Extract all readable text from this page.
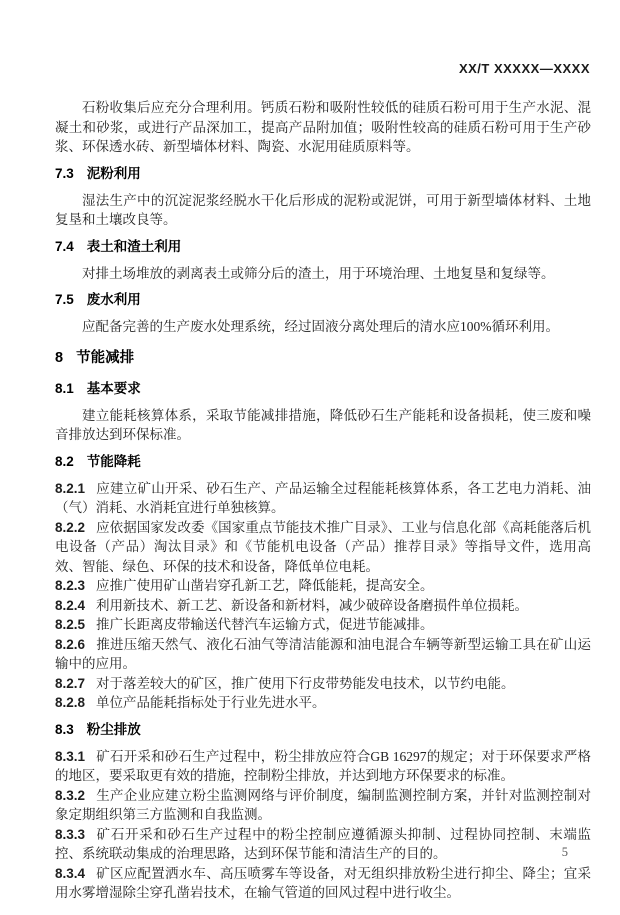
XX/T XXXXX—XXXX

石粉收集后应充分合理利用。钙质石粉和吸附性较低的硅质石粉可用于生产水泥、混凝土和砂浆，或进行产品深加工，提高产品附加值；吸附性较高的硅质石粉可用于生产砂浆、环保透水砖、新型墙体材料、陶瓷、水泥用硅质原料等。

7.3 泥粉利用

湿法生产中的沉淀泥浆经脱水干化后形成的泥粉或泥饼，可用于新型墙体材料、土地复垦和土壤改良等。

7.4 表土和渣土利用

对排土场堆放的剥离表土或筛分后的渣土，用于环境治理、土地复垦和复绿等。

7.5 废水利用

应配备完善的生产废水处理系统，经过固液分离处理后的清水应100%循环利用。

8 节能减排
8.1 基本要求

建立能耗核算体系，采取节能减排措施，降低砂石生产能耗和设备损耗，使三废和噪音排放达到环保标准。

8.2 节能降耗

8.2.1 应建立矿山开采、砂石生产、产品运输全过程能耗核算体系，各工艺电力消耗、油（气）消耗、水消耗宜进行单独核算。

8.2.2 应依据国家发改委《国家重点节能技术推广目录》、工业与信息化部《高耗能落后机电设备（产品）淘汰目录》和《节能机电设备（产品）推荐目录》等指导文件，选用高效、智能、绿色、环保的技术和设备，降低单位电耗。

8.2.3 应推广使用矿山凿岩穿孔新工艺，降低能耗，提高安全。

8.2.4 利用新技术、新工艺、新设备和新材料，减少破碎设备磨损件单位损耗。

8.2.5 推广长距离皮带输送代替汽车运输方式，促进节能减排。

8.2.6 推进压缩天然气、液化石油气等清洁能源和油电混合车辆等新型运输工具在矿山运输中的应用。

8.2.7 对于落差较大的矿区，推广使用下行皮带势能发电技术，以节约电能。

8.2.8 单位产品能耗指标处于行业先进水平。

8.3 粉尘排放

8.3.1 矿石开采和砂石生产过程中，粉尘排放应符合GB 16297的规定；对于环保要求严格的地区，要采取更有效的措施，控制粉尘排放，并达到地方环保要求的标准。

8.3.2 生产企业应建立粉尘监测网络与评价制度，编制监测控制方案，并针对监测控制对象定期组织第三方监测和自我监测。

8.3.3 矿石开采和砂石生产过程中的粉尘控制应遵循源头抑制、过程协同控制、末端监控、系统联动集成的治理思路，达到环保节能和清洁生产的目的。

8.3.4 矿区应配置洒水车、高压喷雾车等设备，对无组织排放粉尘进行抑尘、降尘；宜采用水雾增湿除尘穿孔凿岩技术，在输气管道的回风过程中进行收尘。

5
